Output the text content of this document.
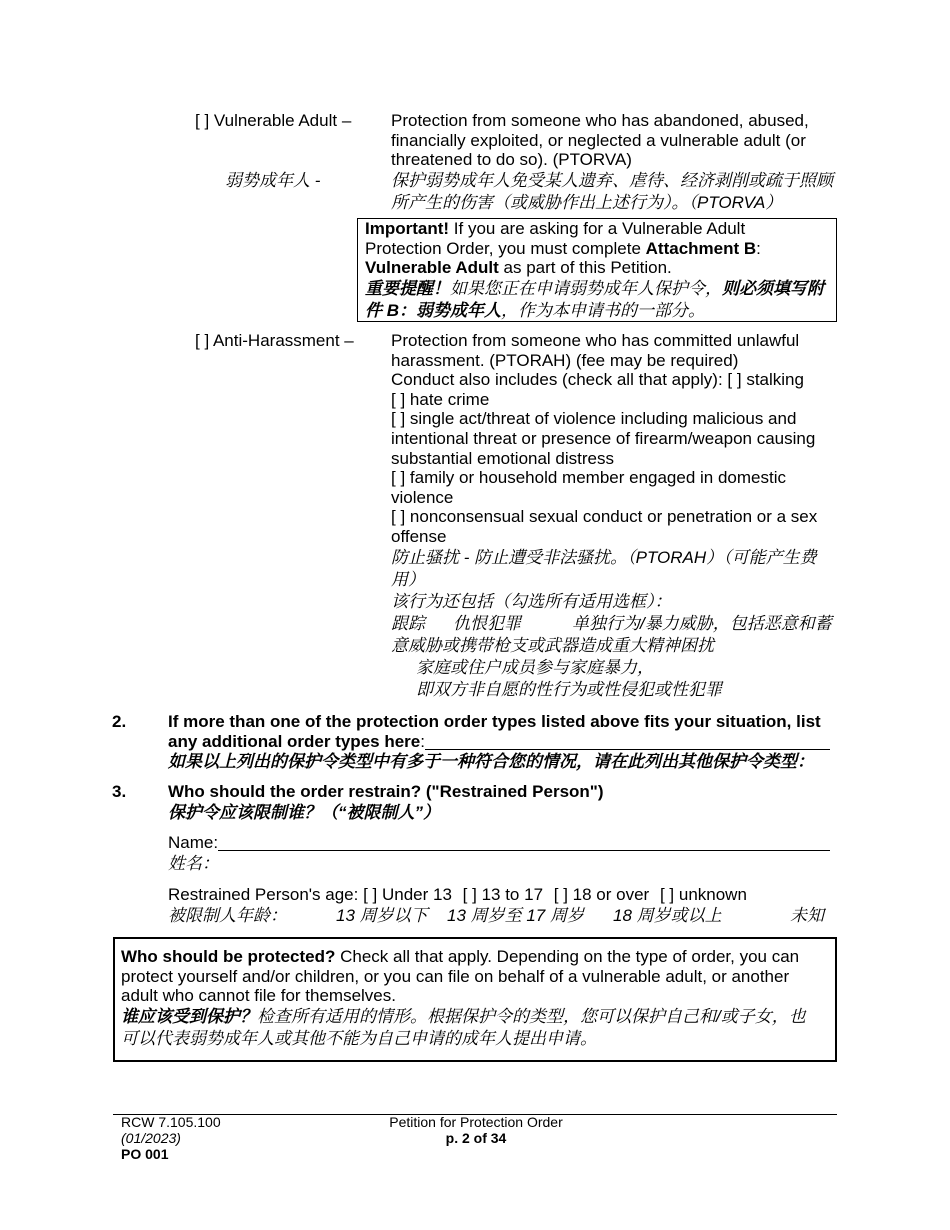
[ ] Vulnerable Adult – Protection from someone who has abandoned, abused,
financially exploited, or neglected a vulnerable adult (or
threatened to do so). (PTORVA)
保护弱势成年人免受某人遗弃、虐待、经济剥削或疏于照顾
所产生的伤害（或威胁作出上述行为）。（PTORVA）
弱势成年人 -
Important! If you are asking for a Vulnerable Adult
Protection Order, you must complete Attachment B:
Vulnerable Adult as part of this Petition.
重要提醒！如果您正在申请弱势成年人保护令，则必须填写附
件 B：弱势成年人，作为本申请书的一部分。
[ ] Anti-Harassment – Protection from someone who has committed unlawful
harassment. (PTORAH) (fee may be required)
Conduct also includes (check all that apply): [ ] stalking
[ ] hate crime
[ ] single act/threat of violence including malicious and
intentional threat or presence of firearm/weapon causing
substantial emotional distress
[ ] family or household member engaged in domestic
violence
[ ] nonconsensual sexual conduct or penetration or a sex
offense
防止骚扰 - 防止遭受非法骚扰。（PTORAH）（可能产生费
用）
该行为还包括（勾选所有适用选框）：
跟踪 仇恨犯罪	单独行为/暴力威胁，包括恶意和蓄
意威胁或携带枪支或武器造成重大精神困扰
家庭或住户成员参与家庭暴力，
即双方非自愿的性行为或性侵犯或性犯罪
2. If more than one of the protection order types listed above fits your situation, list
any additional order types here :
如果以上列出的保护令类型中有多于一种符合您的情况，请在此列出其他保护令类型：
3. Who should the order restrain? ("Restrained Person")
保护令应该限制谁？（“被限制人”）
Name:
姓名：
Restrained Person's age: [ ] Under 13 [ ] 13 to 17 [ ] 18 or over [ ] unknown
被限制人年龄：	13 周岁以下 13 周岁至 17 周岁 18 周岁或以上	未知
Who should be protected? Check all that apply. Depending on the type of order, you can
protect yourself and/or children, or you can file on behalf of a vulnerable adult, or another
adult who cannot file for themselves.
谁应该受到保护？检查所有适用的情形。根据保护令的类型，您可以保护自己和/或子女，也
可以代表弱势成年人或其他不能为自己申请的成年人提出申请。
RCW 7.105.100
(01/2023)
PO 001
Petition for Protection Order
p. 2 of 34
